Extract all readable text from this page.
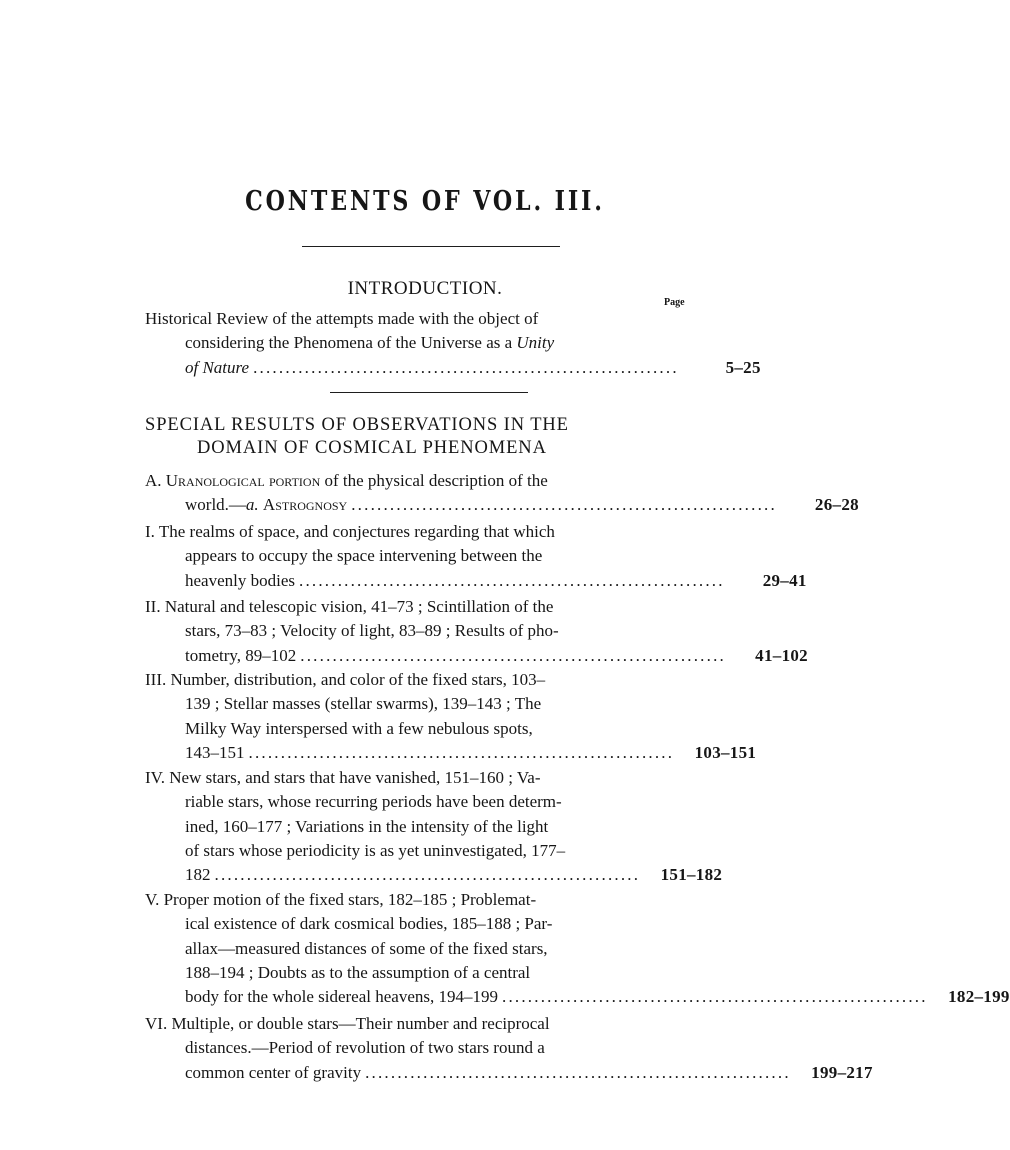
CONTENTS OF VOL. III.
INTRODUCTION.
Page
Historical Review of the attempts made with the object of
considering the Phenomena of the Universe as a Unity
of Nature ..................................................................	5–25
SPECIAL RESULTS OF OBSERVATIONS IN THE
DOMAIN OF COSMICAL PHENOMENA
A. Uranological portion of the physical description of the
world.—a. Astrognosy ..................................................................	26–28
I. The realms of space, and conjectures regarding that which
appears to occupy the space intervening between the
heavenly bodies ..................................................................	29–41
II. Natural and telescopic vision, 41–73 ; Scintillation of the
stars, 73–83 ; Velocity of light, 83–89 ; Results of pho-
tometry, 89–102 ..................................................................	41–102
III. Number, distribution, and color of the fixed stars, 103–
139 ; Stellar masses (stellar swarms), 139–143 ; The
Milky Way interspersed with a few nebulous spots,
143–151 ..................................................................	103–151
IV. New stars, and stars that have vanished, 151–160 ; Va-
riable stars, whose recurring periods have been determ-
ined, 160–177 ; Variations in the intensity of the light
of stars whose periodicity is as yet uninvestigated, 177–
182 ..................................................................	151–182
V. Proper motion of the fixed stars, 182–185 ; Problemat-
ical existence of dark cosmical bodies, 185–188 ; Par-
allax—measured distances of some of the fixed stars,
188–194 ; Doubts as to the assumption of a central
body for the whole sidereal heavens, 194–199 ..................................................................	182–199
VI. Multiple, or double stars—Their number and reciprocal
distances.—Period of revolution of two stars round a
common center of gravity ..................................................................	199–217
